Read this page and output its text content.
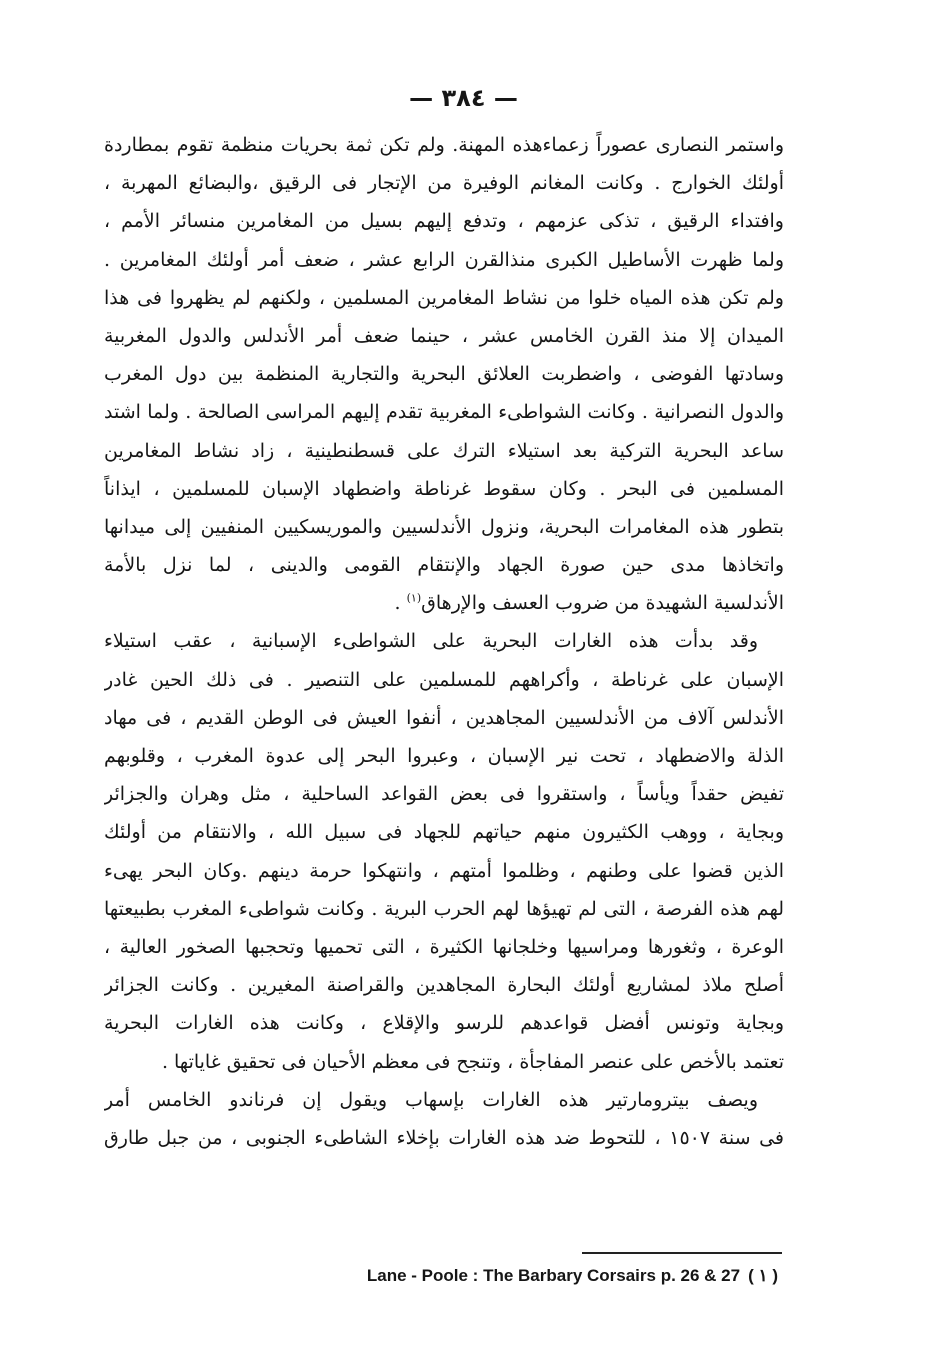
— ٣٨٤ —
واستمر النصارى عصوراً زعماءهذه المهنة. ولم تكن ثمة بحريات منظمة تقوم بمطاردة
أولئك الخوارج . وكانت المغانم الوفيرة من الإتجار فى الرقيق ،والبضائع المهربة ،
وافتداء الرقيق ، تذكى عزمهم ، وتدفع إليهم بسيل من المغامرين منسائر الأمم ،
ولما ظهرت الأساطيل الكبرى منذالقرن الرابع عشر ، ضعف أمر أولئك المغامرين .
ولم تكن هذه المياه خلوا من نشاط المغامرين المسلمين ، ولكنهم لم يظهروا فى هذا
الميدان إلا منذ القرن الخامس عشر ، حينما ضعف أمر الأندلس والدول المغربية
وسادتها الفوضى ، واضطربت العلائق البحرية والتجارية المنظمة بين دول المغرب
والدول النصرانية . وكانت الشواطىء المغربية تقدم إليهم المراسى الصالحة . ولما اشتد
ساعد البحرية التركية بعد استيلاء الترك على قسطنطينية ، زاد نشاط المغامرين
المسلمين فى البحر . وكان سقوط غرناطة واضطهاد الإسبان للمسلمين ، ايذاناً
بتطور هذه المغامرات البحرية، ونزول الأندلسيين والموريسكيين المنفيين إلى ميدانها
واتخاذها مدى حين صورة الجهاد والإنتقام القومى والدينى ، لما نزل بالأمة
الأندلسية الشهيدة من ضروب العسف والإرهاق$^{(١)}$ .
وقد بدأت هذه الغارات البحرية على الشواطىء الإسبانية ، عقب استيلاء
الإسبان على غرناطة ، وأكراههم للمسلمين على التنصير . فى ذلك الحين غادر
الأندلس آلاف من الأندلسيين المجاهدين ، أنفوا العيش فى الوطن القديم ، فى مهاد
الذلة والاضطهاد ، تحت نير الإسبان ، وعبروا البحر إلى عدوة المغرب ، وقلوبهم
تفيض حقداً ويأساً ، واستقروا فى بعض القواعد الساحلية ، مثل وهران والجزائر
وبجاية ، ووهب الكثيرون منهم حياتهم للجهاد فى سبيل الله ، والانتقام من أولئك
الذين قضوا على وطنهم ، وظلموا أمتهم ، وانتهكوا حرمة دينهم .وكان البحر يهىء
لهم هذه الفرصة ، التى لم تهيؤها لهم الحرب البرية . وكانت شواطىء المغرب بطبيعتها
الوعرة ، وثغورها ومراسيها وخلجانها الكثيرة ، التى تحميها وتحجبها الصخور العالية ،
أصلح ملاذ لمشاريع أولئك البحارة المجاهدين والقراصنة المغيرين . وكانت الجزائر
وبجاية وتونس أفضل قواعدهم للرسو والإقلاع ، وكانت هذه الغارات البحرية
تعتمد بالأخص على عنصر المفاجأة ، وتنجح فى معظم الأحيان فى تحقيق غاياتها .
ويصف بيترومارتير هذه الغارات بإسهاب ويقول إن فرناندو الخامس أمر
فى سنة ١٥٠٧ ، للتحوط ضد هذه الغارات بإخلاء الشاطىء الجنوبى ، من جبل طارق
Lane - Poole : The Barbary Corsairs p. 26 & 27 ( ١ )
